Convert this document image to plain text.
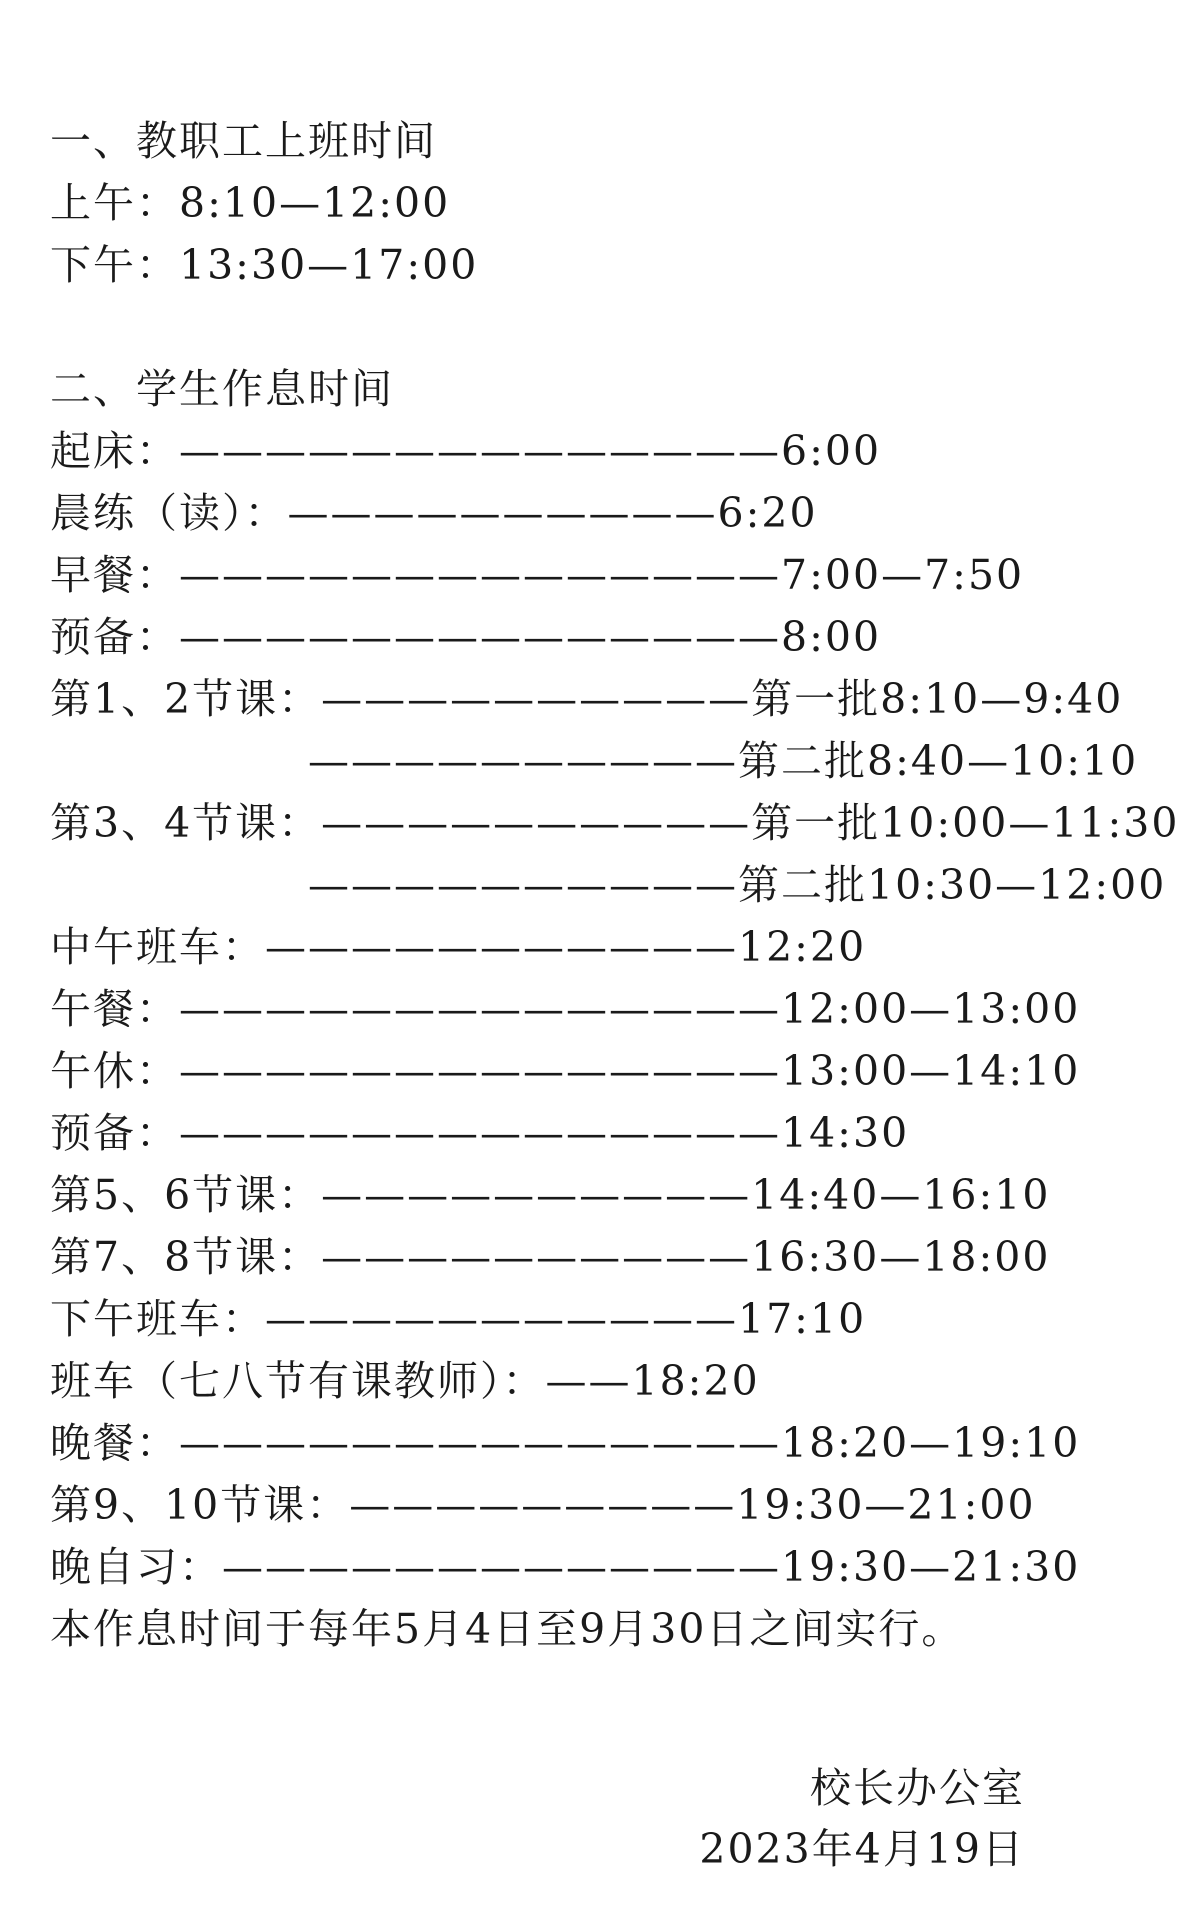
一、教职工上班时间
上午：8:10—12:00
下午：13:30—17:00
二、学生作息时间
起床：——————————————6:00
晨练（读）：——————————6:20
早餐：——————————————7:00—7:50
预备：——————————————8:00
第1、2节课：——————————第一批8:10—9:40
——————————第二批8:40—10:10
第3、4节课：——————————第一批10:00—11:30
——————————第二批10:30—12:00
中午班车：———————————12:20
午餐：——————————————12:00—13:00
午休：——————————————13:00—14:10
预备：——————————————14:30
第5、6节课：——————————14:40—16:10
第7、8节课：——————————16:30—18:00
下午班车：———————————17:10
班车（七八节有课教师）：——18:20
晚餐：——————————————18:20—19:10
第9、10节课：—————————19:30—21:00
晚自习：—————————————19:30—21:30
本作息时间于每年5月4日至9月30日之间实行。
校长办公室
2023年4月19日
